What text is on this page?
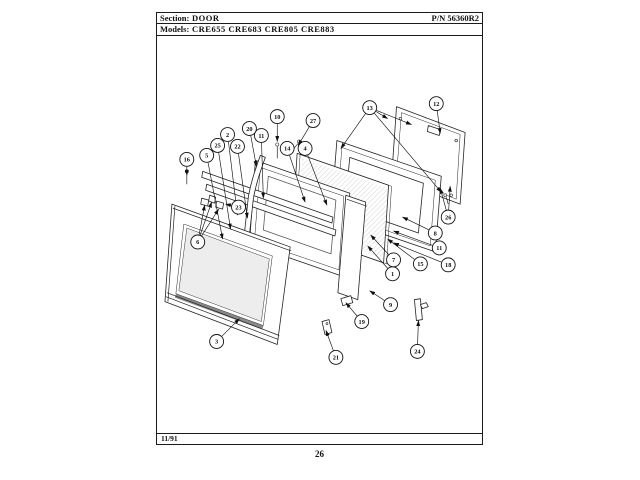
Section: DOOR	P/N 56360R2
Models: CRE655 CRE683 CRE805 CRE883
1
2
3
4
5
6
7
8
9
10
11
11
12
13
14
15
16
18
19
20
21
22
23
24
25
26
27
11/91
26
